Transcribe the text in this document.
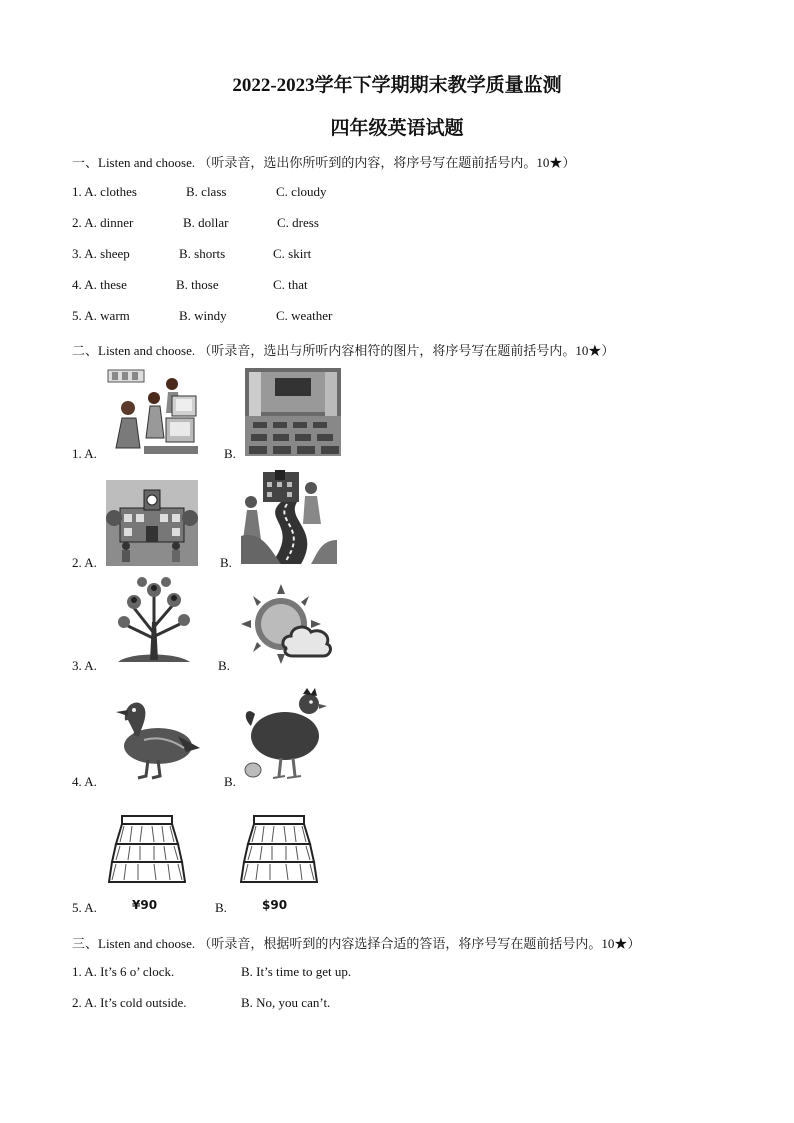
2022-2023学年下学期期末教学质量监测
四年级英语试题
一、Listen and choose. （听录音，选出你所听到的内容，将序号写在题前括号内。10★）
1. A. clothes	B. class	C. cloudy
2. A. dinner	B. dollar	C. dress
3. A. sheep	B. shorts	C. skirt
4. A. these	B. those	C. that
5. A. warm	B. windy	C. weather
二、Listen and choose. （听录音，选出与所听内容相符的图片，将序号写在题前括号内。10★）
1. A.	B.
2. A.	B.
3. A.	B.
4. A.	B.
5. A.	¥90	B.	$90
三、Listen and choose. （听录音，根据听到的内容选择合适的答语，将序号写在题前括号内。10★）
1. A. It’s 6 o’ clock.	B. It’s time to get up.
2. A. It’s cold outside.	B. No, you can’t.
